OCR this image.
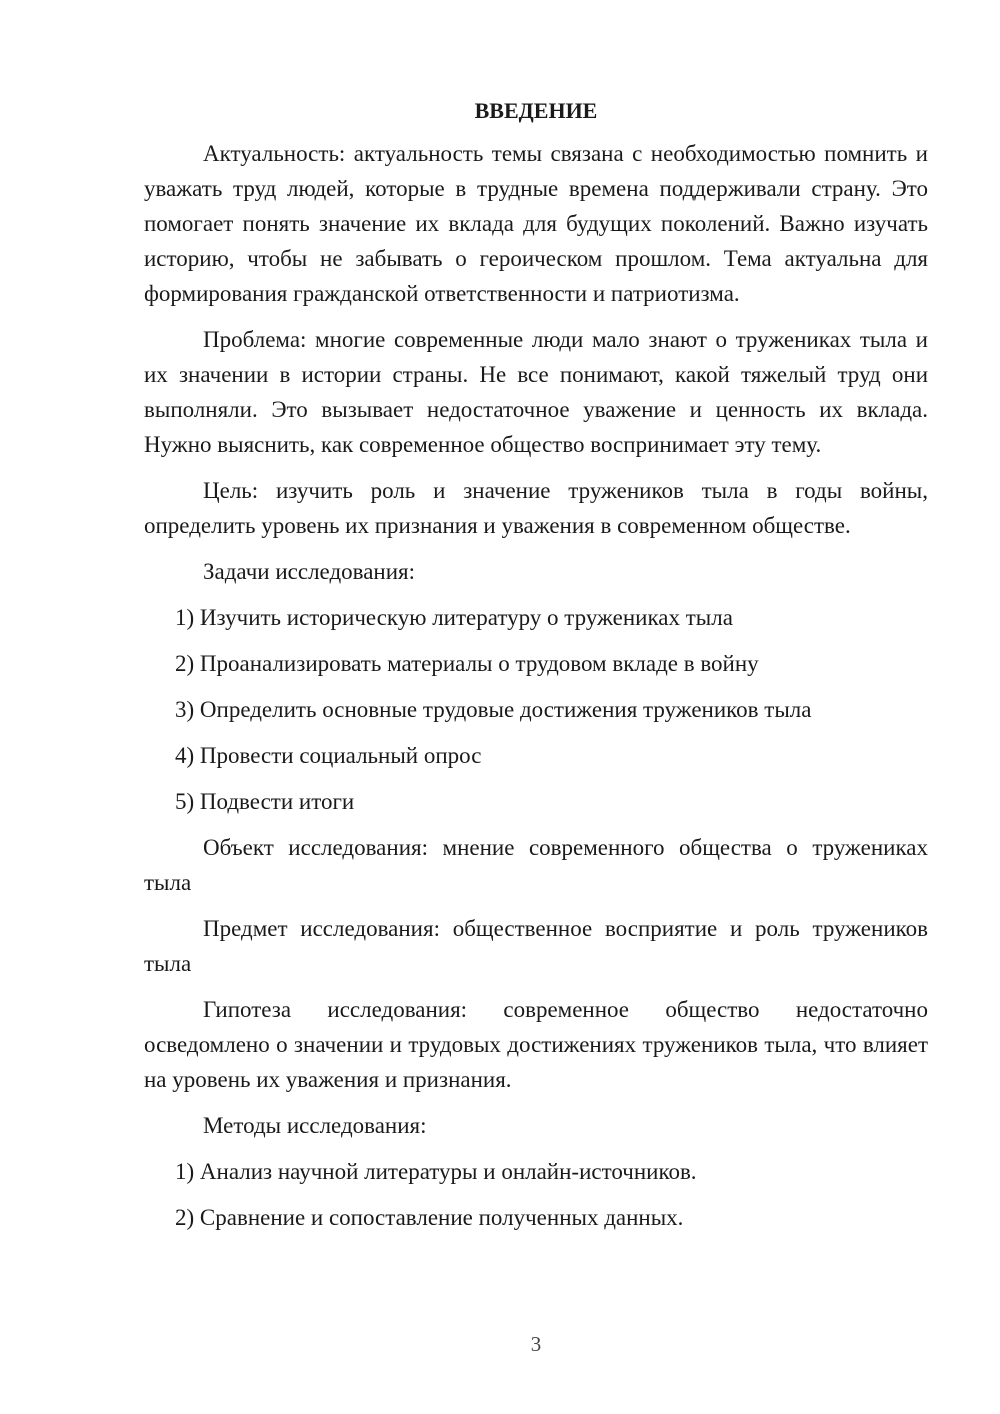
ВВЕДЕНИЕ

Актуальность: актуальность темы связана с необходимостью помнить и уважать труд людей, которые в трудные времена поддерживали страну. Это помогает понять значение их вклада для будущих поколений. Важно изучать историю, чтобы не забывать о героическом прошлом. Тема актуальна для формирования гражданской ответственности и патриотизма.

Проблема: многие современные люди мало знают о тружениках тыла и их значении в истории страны. Не все понимают, какой тяжелый труд они выполняли. Это вызывает недостаточное уважение и ценность их вклада. Нужно выяснить, как современное общество воспринимает эту тему.

Цель: изучить роль и значение тружеников тыла в годы войны, определить уровень их признания и уважения в современном обществе.

Задачи исследования:

1) Изучить историческую литературу о тружениках тыла

2) Проанализировать материалы о трудовом вкладе в войну

3) Определить основные трудовые достижения тружеников тыла

4) Провести социальный опрос

5) Подвести итоги

Объект исследования: мнение современного общества о тружениках тыла

Предмет исследования: общественное восприятие и роль тружеников тыла

Гипотеза исследования: современное общество недостаточно осведомлено о значении и трудовых достижениях тружеников тыла, что влияет на уровень их уважения и признания.

Методы исследования:

1) Анализ научной литературы и онлайн-источников.

2) Сравнение и сопоставление полученных данных.

3
